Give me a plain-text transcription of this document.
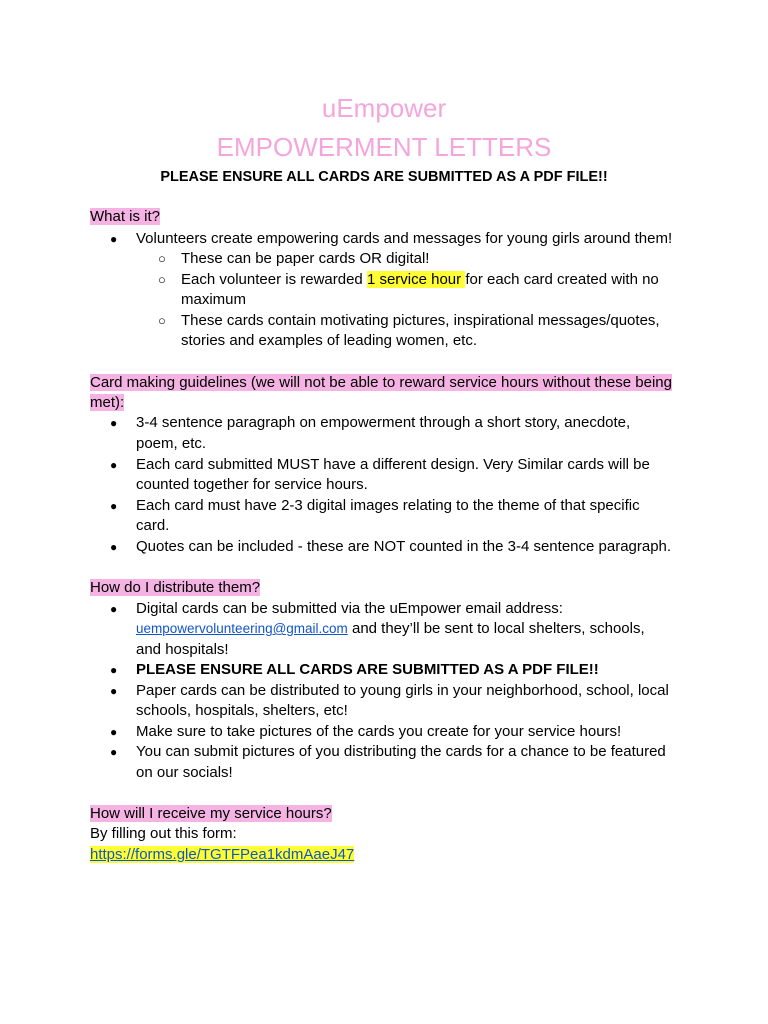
uEmpower
EMPOWERMENT LETTERS
PLEASE ENSURE ALL CARDS ARE SUBMITTED AS A PDF FILE!!
What is it?
● Volunteers create empowering cards and messages for young girls around them!
○ These can be paper cards OR digital!
○ Each volunteer is rewarded 1 service hour for each card created with no
maximum
○ These cards contain motivating pictures, inspirational messages/quotes,
stories and examples of leading women, etc.
Card making guidelines (we will not be able to reward service hours without these being
met):
● 3-4 sentence paragraph on empowerment through a short story, anecdote,
poem, etc.
● Each card submitted MUST have a different design. Very Similar cards will be
counted together for service hours.
● Each card must have 2-3 digital images relating to the theme of that specific
card.
● Quotes can be included - these are NOT counted in the 3-4 sentence paragraph.
How do I distribute them?
● Digital cards can be submitted via the uEmpower email address:
uempowervolunteering@gmail.com and they’ll be sent to local shelters, schools,
and hospitals!
● PLEASE ENSURE ALL CARDS ARE SUBMITTED AS A PDF FILE!!
● Paper cards can be distributed to young girls in your neighborhood, school, local
schools, hospitals, shelters, etc!
● Make sure to take pictures of the cards you create for your service hours!
● You can submit pictures of you distributing the cards for a chance to be featured
on our socials!
How will I receive my service hours?
By filling out this form:
https://forms.gle/TGTFPea1kdmAaeJ47
